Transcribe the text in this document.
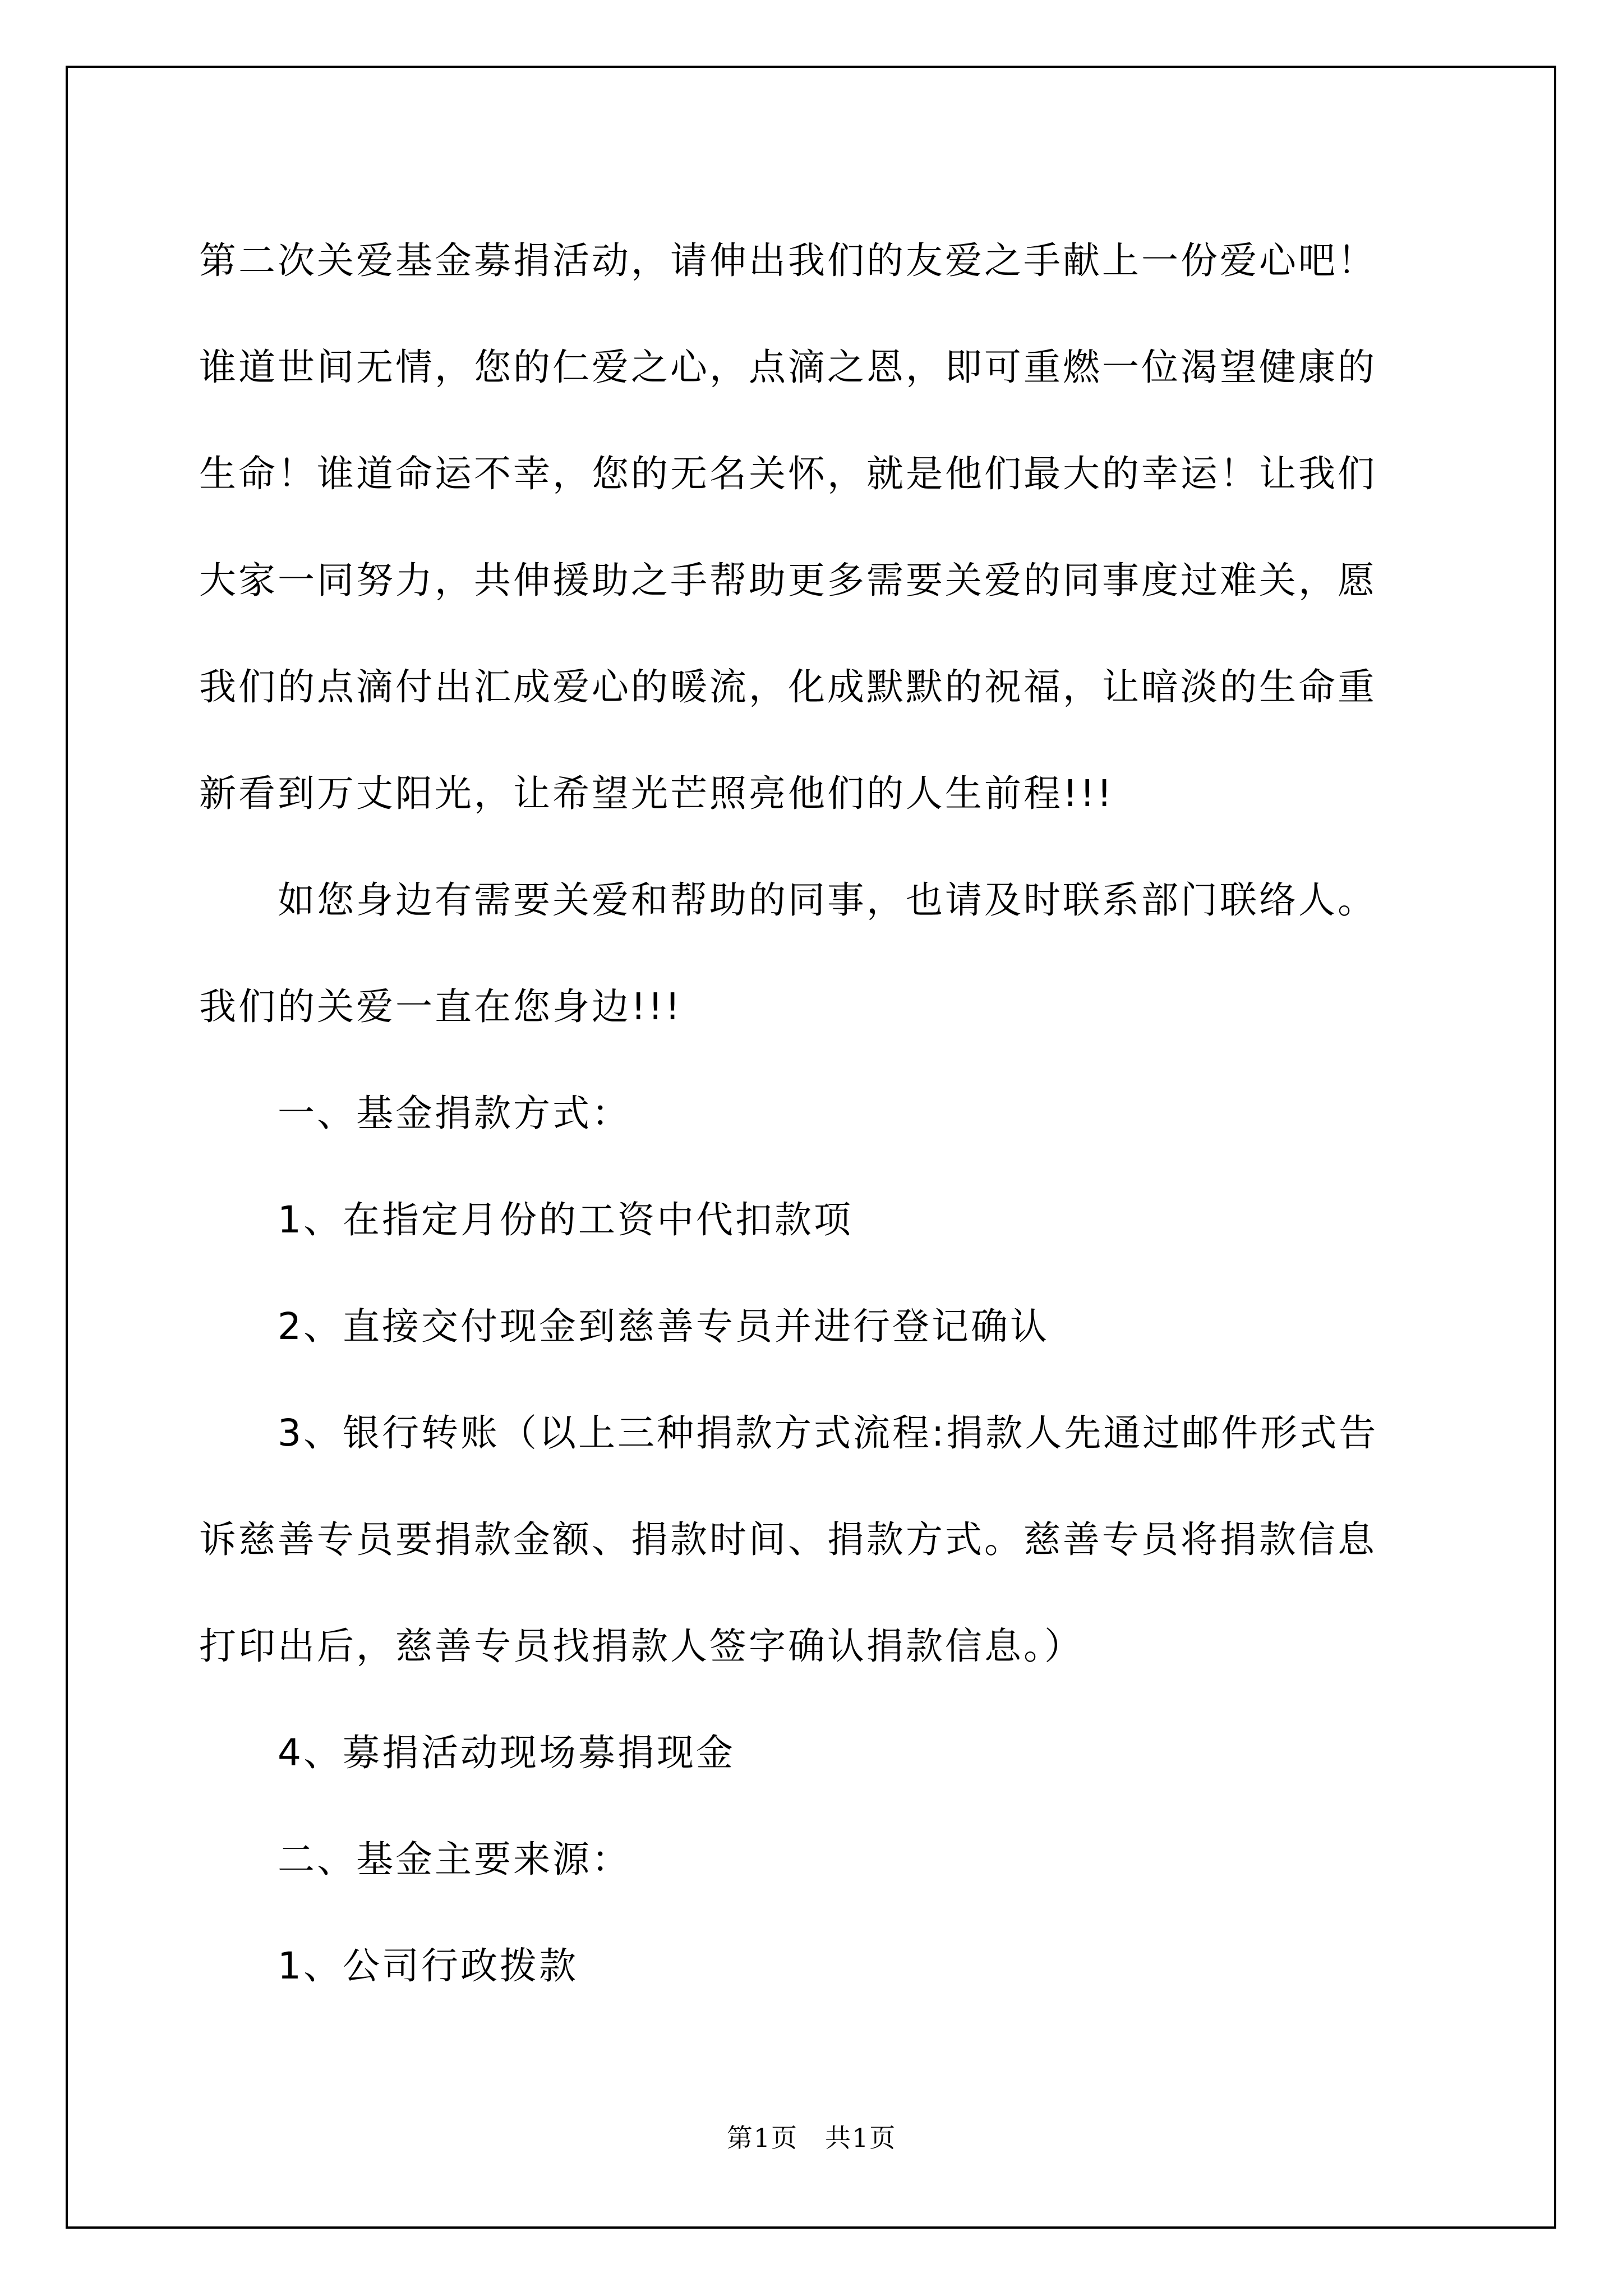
第二次关爱基金募捐活动，请伸出我们的友爱之手献上一份爱心吧！
谁道世间无情，您的仁爱之心，点滴之恩，即可重燃一位渴望健康的
生命！谁道命运不幸，您的无名关怀，就是他们最大的幸运！让我们
大家一同努力，共伸援助之手帮助更多需要关爱的同事度过难关，愿
我们的点滴付出汇成爱心的暖流，化成默默的祝福，让暗淡的生命重
新看到万丈阳光，让希望光芒照亮他们的人生前程!!!
如您身边有需要关爱和帮助的同事，也请及时联系部门联络人。
我们的关爱一直在您身边!!!
一、基金捐款方式：
1、在指定月份的工资中代扣款项
2、直接交付现金到慈善专员并进行登记确认
3、银行转账（以上三种捐款方式流程:捐款人先通过邮件形式告
诉慈善专员要捐款金额、捐款时间、捐款方式。慈善专员将捐款信息
打印出后，慈善专员找捐款人签字确认捐款信息。）
4、募捐活动现场募捐现金
二、基金主要来源：
1、公司行政拨款
第1页　共1页
